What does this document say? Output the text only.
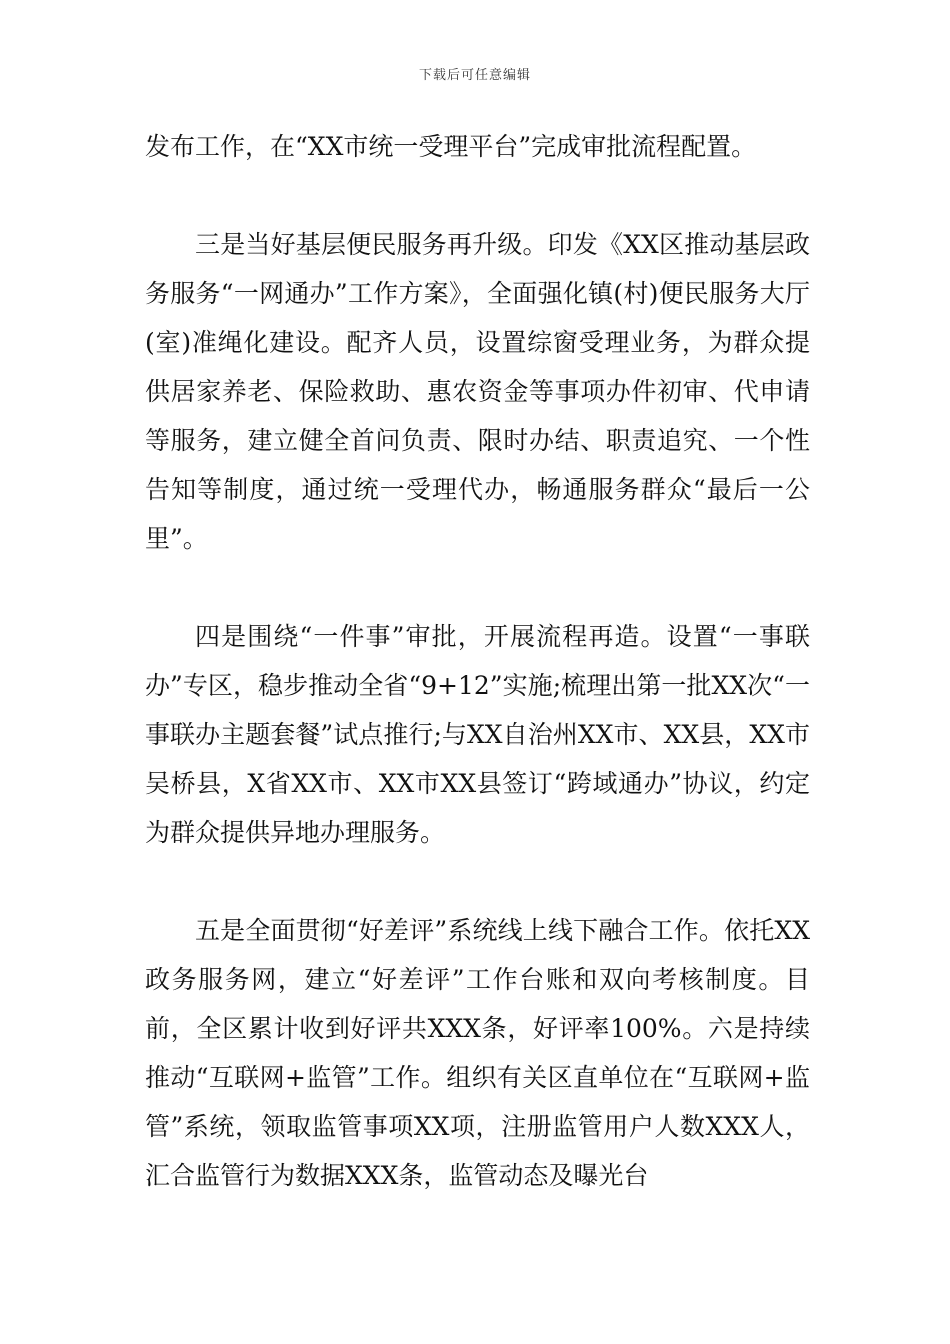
下载后可任意编辑

发布工作，在“XX市统一受理平台”完成审批流程配置。

三是当好基层便民服务再升级。印发《XX区推动基层政务服务“一网通办”工作方案》，全面强化镇(村)便民服务大厅(室)准绳化建设。配齐人员，设置综窗受理业务，为群众提供居家养老、保险救助、惠农资金等事项办件初审、代申请等服务，建立健全首问负责、限时办结、职责追究、一个性告知等制度，通过统一受理代办，畅通服务群众“最后一公里”。

四是围绕“一件事”审批，开展流程再造。设置“一事联办”专区，稳步推动全省“9+12”实施;梳理出第一批XX次“一事联办主题套餐”试点推行;与XX自治州XX市、XX县，XX市吴桥县，X省XX市、XX市XX县签订“跨域通办”协议，约定为群众提供异地办理服务。

五是全面贯彻“好差评”系统线上线下融合工作。依托XX政务服务网，建立“好差评”工作台账和双向考核制度。目前，全区累计收到好评共XXX条，好评率100%。六是持续推动“互联网+监管”工作。组织有关区直单位在“互联网+监管”系统，领取监管事项XX项，注册监管用户人数XXX人，汇合监管行为数据XXX条，监管动态及曝光台
